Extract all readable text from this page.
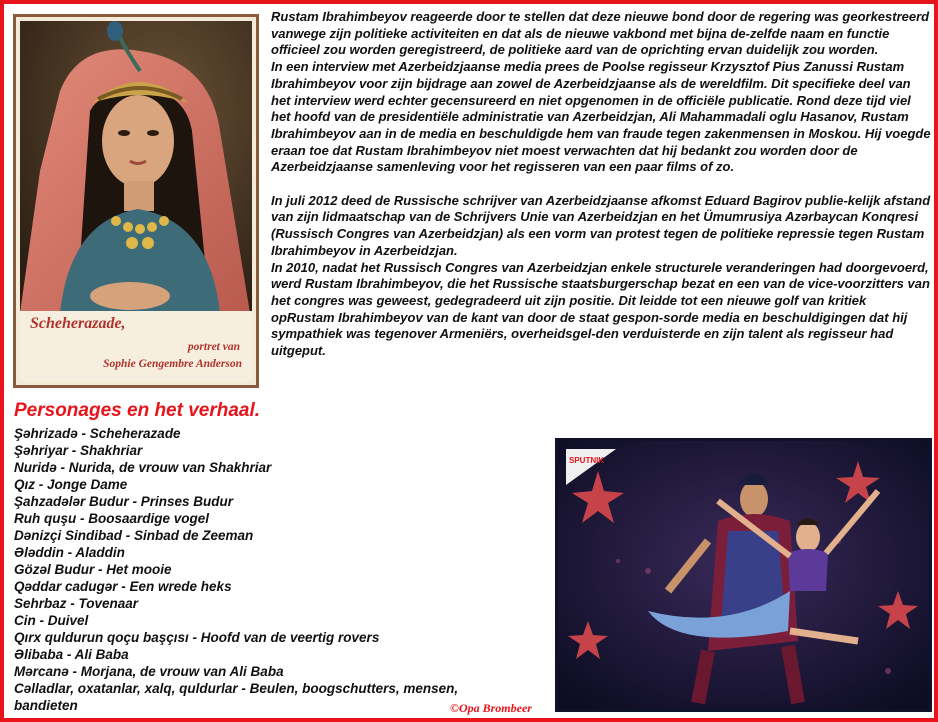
Scheherazade,
portret van
Sophie Gengembre Anderson

Rustam Ibrahimbeyov reageerde door te stellen dat deze nieuwe bond door de regering was georkestreerd vanwege zijn politieke activiteiten en dat als de nieuwe vakbond met bijna de-zelfde naam en functie officieel zou worden geregistreerd, de politieke aard van de oprichting ervan duidelijk zou worden.

In een interview met Azerbeidzjaanse media prees de Poolse regisseur Krzysztof Pius Zanussi Rustam Ibrahimbeyov voor zijn bijdrage aan zowel de Azerbeidzjaanse als de wereldfilm. Dit specifieke deel van het interview werd echter gecensureerd en niet opgenomen in de officiële publicatie. Rond deze tijd viel het hoofd van de presidentiële administratie van Azerbeidzjan, Ali Mahammadali oglu Hasanov, Rustam Ibrahimbeyov aan in de media en beschuldigde hem van fraude tegen zakenmensen in Moskou. Hij voegde eraan toe dat Rustam Ibrahimbeyov niet moest verwachten dat hij bedankt zou worden door de Azerbeidzjaanse samenleving voor het regisseren van een paar films of zo.

In juli 2012 deed de Russische schrijver van Azerbeidzjaanse afkomst Eduard Bagirov publie-kelijk afstand van zijn lidmaatschap van de Schrijvers Unie van Azerbeidzjan en het Ümumrusiya Azərbaycan Konqresi (Russisch Congres van Azerbeidzjan) als een vorm van protest tegen de politieke repressie tegen Rustam Ibrahimbeyov in Azerbeidzjan.

In 2010, nadat het Russisch Congres van Azerbeidzjan enkele structurele veranderingen had doorgevoerd, werd Rustam Ibrahimbeyov, die het Russische staatsburgerschap bezat en een van de vice-voorzitters van het congres was geweest, gedegradeerd uit zijn positie. Dit leidde tot een nieuwe golf van kritiek opRustam Ibrahimbeyov van de kant van door de staat gespon-sorde media en beschuldigingen dat hij sympathiek was tegenover Armeniërs, overheidsgel-den verduisterde en zijn talent als regisseur had uitgeput.

Personages en het verhaal.
Şəhrizadə - Scheherazade
Şəhriyar - Shakhriar
Nuridə - Nurida, de vrouw van Shakhriar
Qız - Jonge Dame
Şahzadələr Budur - Prinses Budur
Ruh quşu - Boosaardige vogel
Dənizçi Sindibad - Sinbad de Zeeman
Ələddin - Aladdin
Gözəl Budur - Het mooie
Qəddar cadugər - Een wrede heks
Sehrbaz - Tovenaar
Cin - Duivel
Qırx quldurun qoçu başçısı - Hoofd van de veertig rovers
Əlibaba - Ali Baba
Mərcanə - Morjana, de vrouw van Ali Baba
Cəlladlar, oxatanlar, xalq, quldurlar - Beulen, boogschutters, mensen,
bandieten	©Opa Brombeer
SPUTNIK
